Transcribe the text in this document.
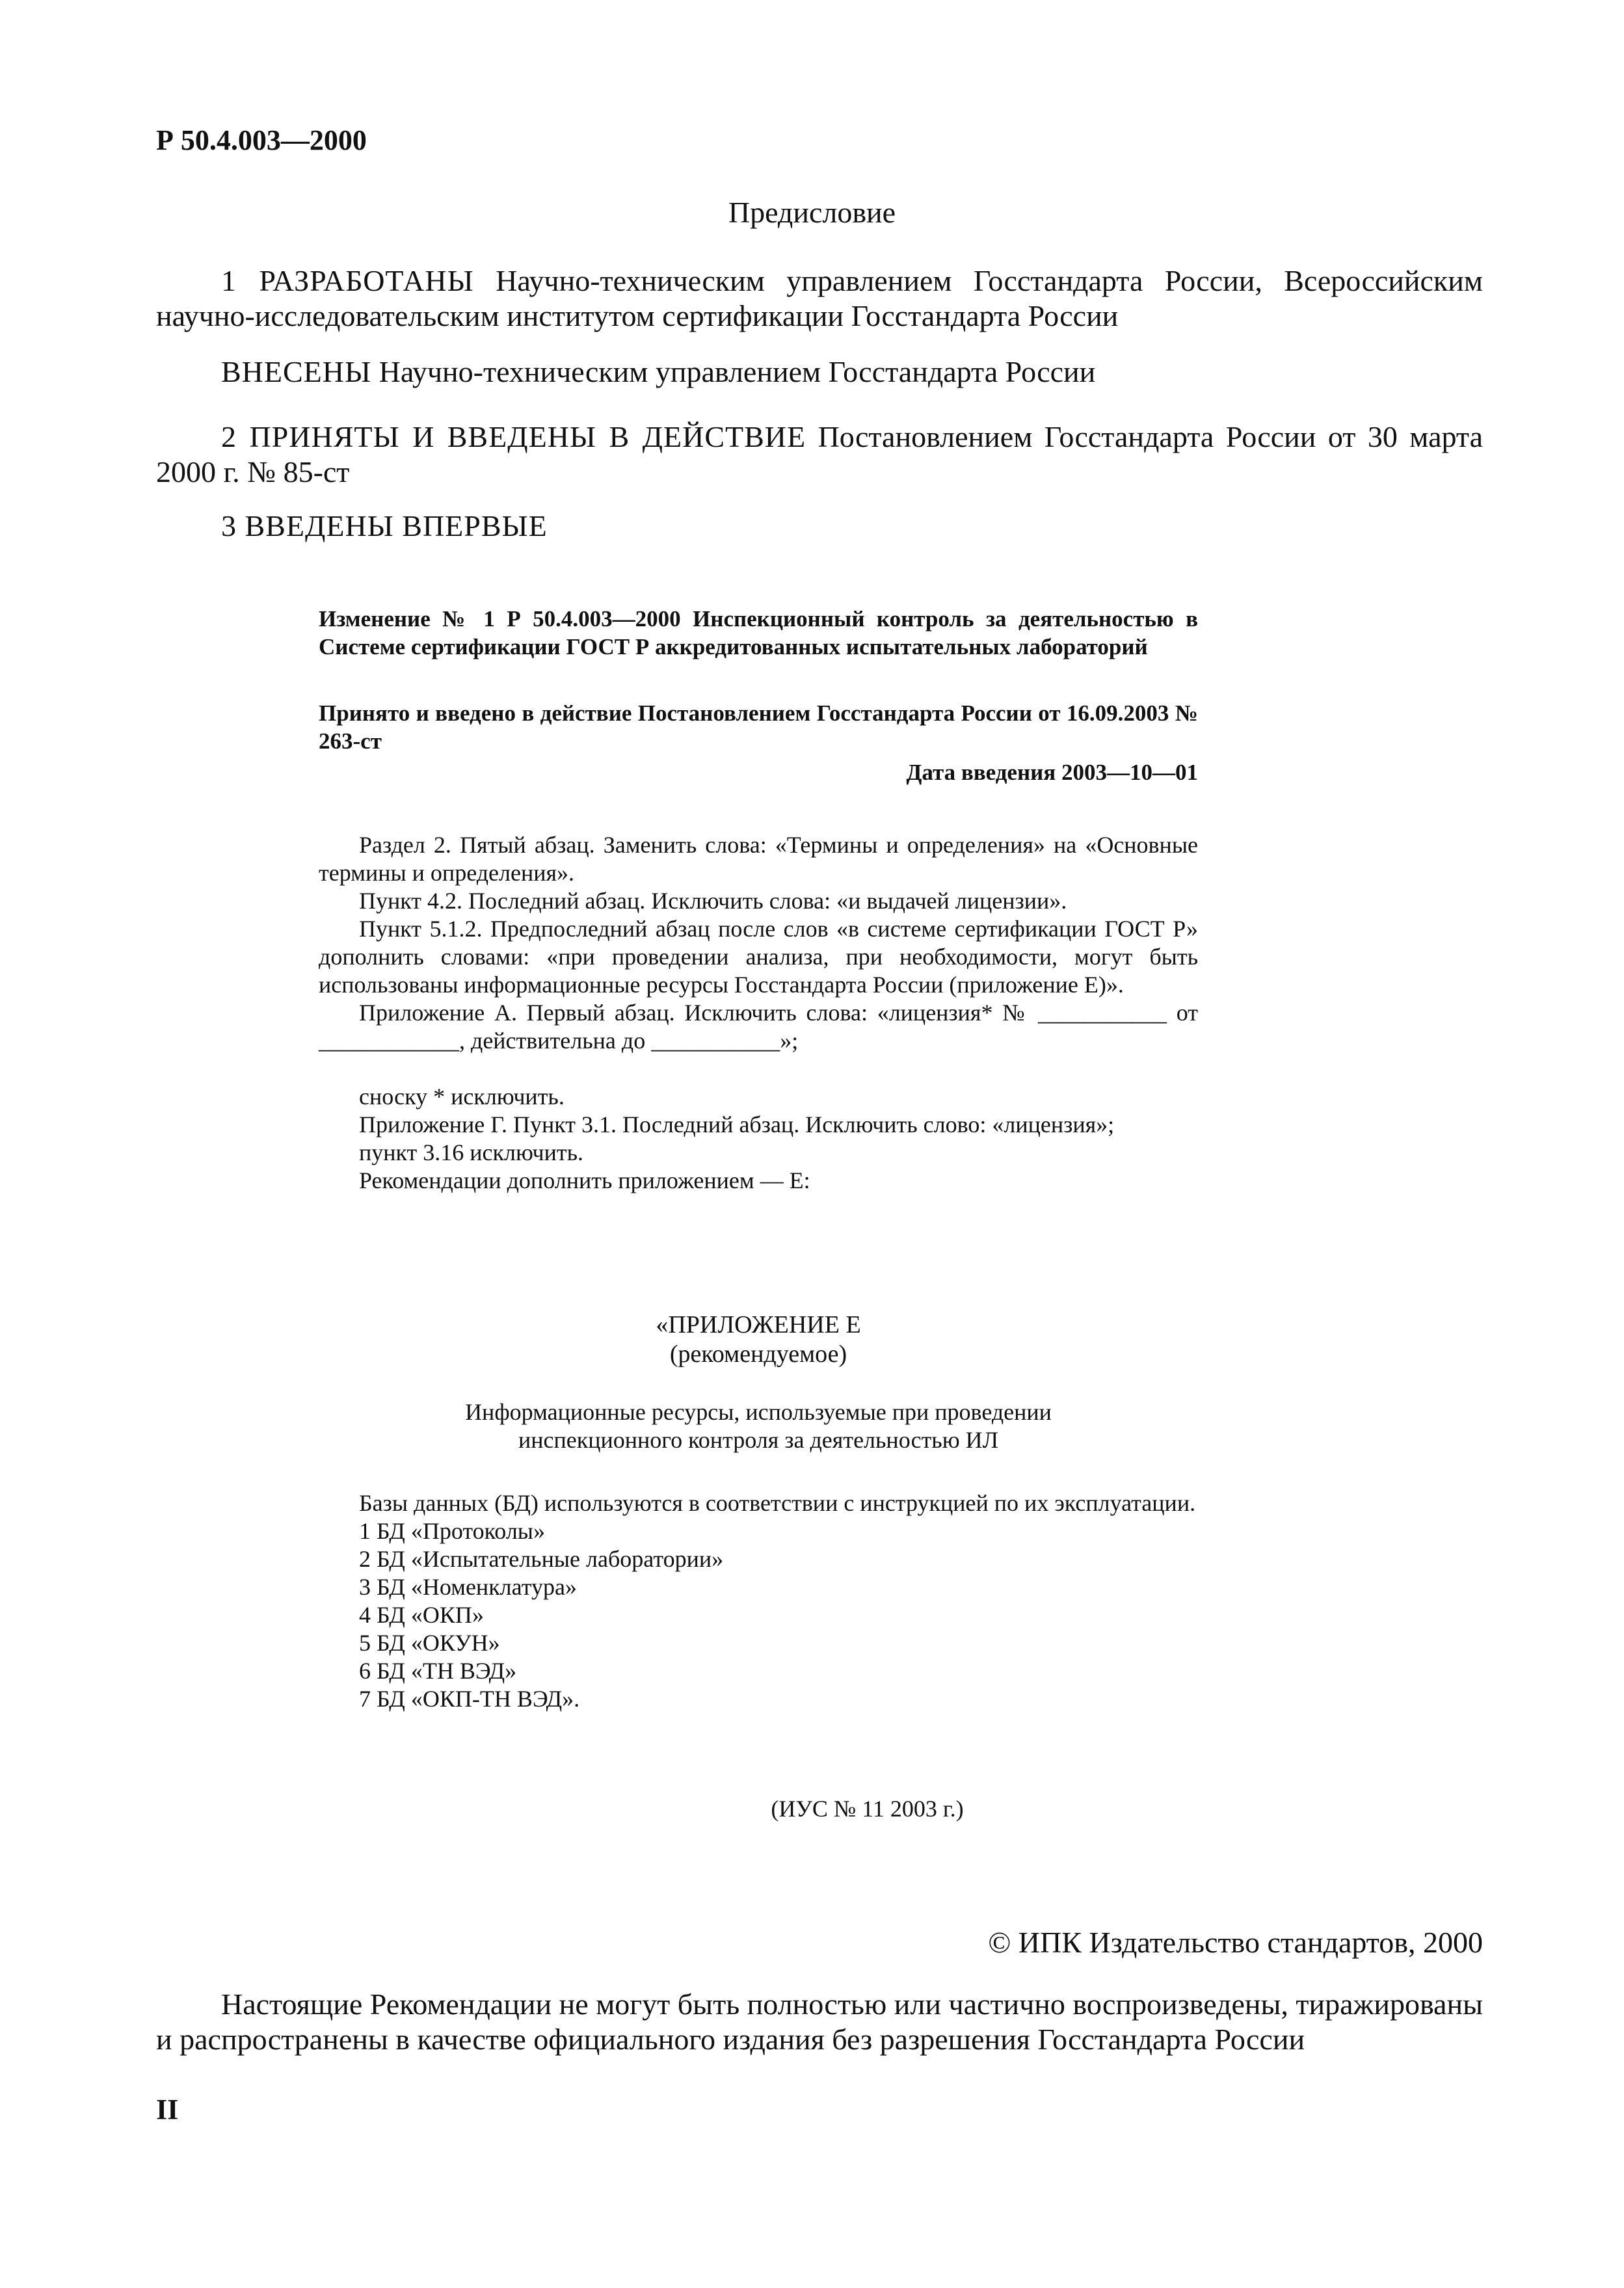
Р 50.4.003—2000
Предисловие

1 РАЗРАБОТАНЫ Научно-техническим управлением Госстандарта России, Всероссийским научно-исследовательским институтом сертификации Госстандарта России

ВНЕСЕНЫ Научно-техническим управлением Госстандарта России

2 ПРИНЯТЫ И ВВЕДЕНЫ В ДЕЙСТВИЕ Постановлением Госстандарта России от 30 марта 2000 г. № 85-ст

3 ВВЕДЕНЫ ВПЕРВЫЕ

Изменение № 1 Р 50.4.003—2000 Инспекционный контроль за деятельностью в Системе сертификации ГОСТ Р аккредитованных испытательных лабораторий

Принято и введено в действие Постановлением Госстандарта России от 16.09.2003 № 263-ст

Дата введения 2003—10—01

Раздел 2. Пятый абзац. Заменить слова: «Термины и определения» на «Основные термины и определения».

Пункт 4.2. Последний абзац. Исключить слова: «и выдачей лицензии».

Пункт 5.1.2. Предпоследний абзац после слов «в системе сертификации ГОСТ Р» дополнить словами: «при проведении анализа, при необходимости, могут быть использованы информационные ресурсы Госстандарта России (приложение Е)».

Приложение А. Первый абзац. Исключить слова: «лицензия* № ___________ от ____________, действительна до ___________»;

сноску * исключить.

Приложение Г. Пункт 3.1. Последний абзац. Исключить слово: «лицензия»;

пункт 3.16 исключить.

Рекомендации дополнить приложением — Е:

«ПРИЛОЖЕНИЕ Е
(рекомендуемое)
Информационные ресурсы, используемые при проведении
инспекционного контроля за деятельностью ИЛ

Базы данных (БД) используются в соответствии с инструкцией по их эксплуатации.

1 БД «Протоколы»
2 БД «Испытательные лаборатории»
3 БД «Номенклатура»
4 БД «ОКП»
5 БД «ОКУН»
6 БД «ТН ВЭД»
7 БД «ОКП-ТН ВЭД».
(ИУС № 11 2003 г.)
© ИПК Издательство стандартов, 2000

Настоящие Рекомендации не могут быть полностью или частично воспроизведены, тиражированы и распространены в качестве официального издания без разрешения Госстандарта России

II
